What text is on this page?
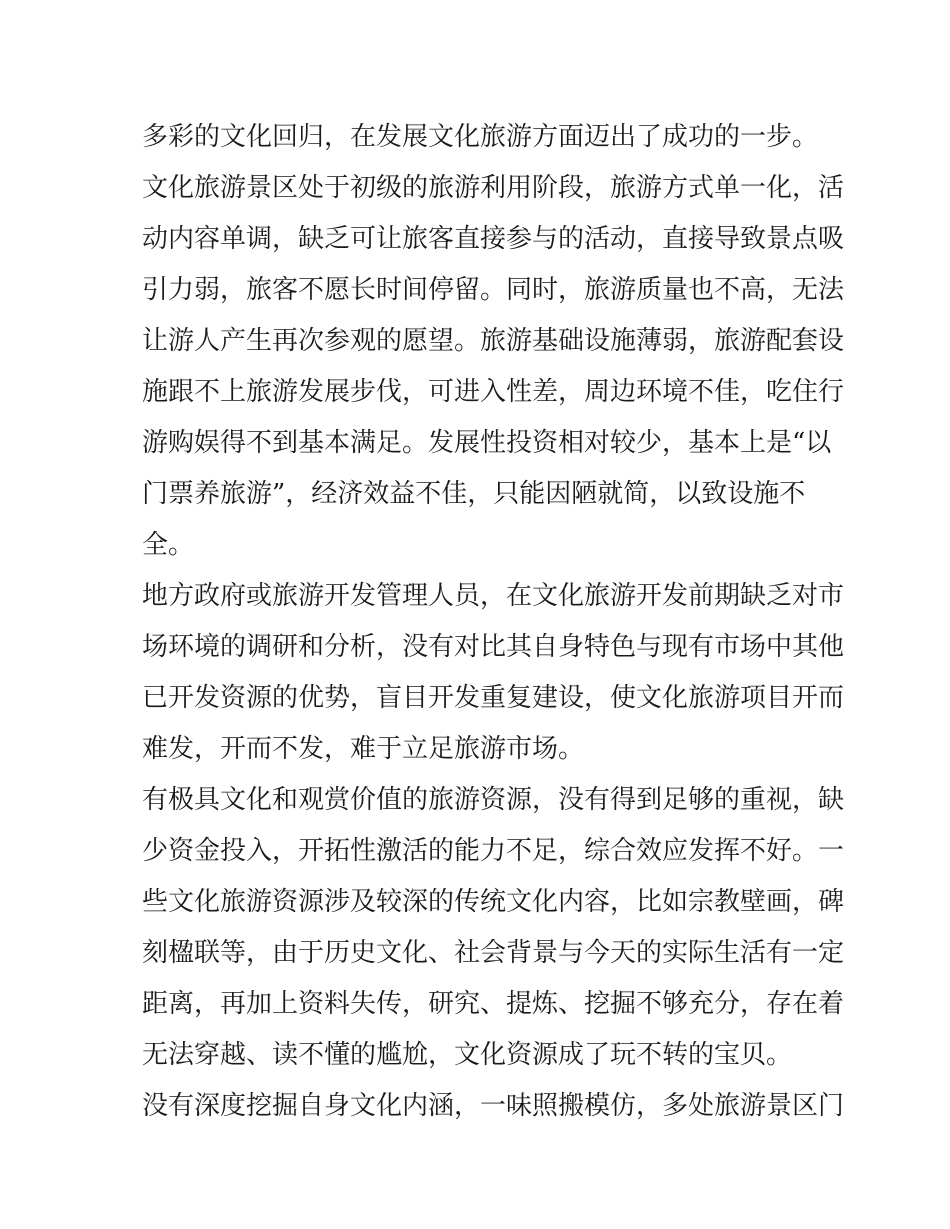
多彩的文化回归，在发展文化旅游方面迈出了成功的一步。
文化旅游景区处于初级的旅游利用阶段，旅游方式单一化，活
动内容单调，缺乏可让旅客直接参与的活动，直接导致景点吸
引力弱，旅客不愿长时间停留。同时，旅游质量也不高，无法
让游人产生再次参观的愿望。旅游基础设施薄弱，旅游配套设
施跟不上旅游发展步伐，可进入性差，周边环境不佳，吃住行
游购娱得不到基本满足。发展性投资相对较少，基本上是“以
门票养旅游”，经济效益不佳，只能因陋就简，以致设施不
全。
地方政府或旅游开发管理人员，在文化旅游开发前期缺乏对市
场环境的调研和分析，没有对比其自身特色与现有市场中其他
已开发资源的优势，盲目开发重复建设，使文化旅游项目开而
难发，开而不发，难于立足旅游市场。
有极具文化和观赏价值的旅游资源，没有得到足够的重视，缺
少资金投入，开拓性激活的能力不足，综合效应发挥不好。一
些文化旅游资源涉及较深的传统文化内容，比如宗教壁画，碑
刻楹联等，由于历史文化、社会背景与今天的实际生活有一定
距离，再加上资料失传，研究、提炼、挖掘不够充分，存在着
无法穿越、读不懂的尴尬，文化资源成了玩不转的宝贝。
没有深度挖掘自身文化内涵，一味照搬模仿，多处旅游景区门
